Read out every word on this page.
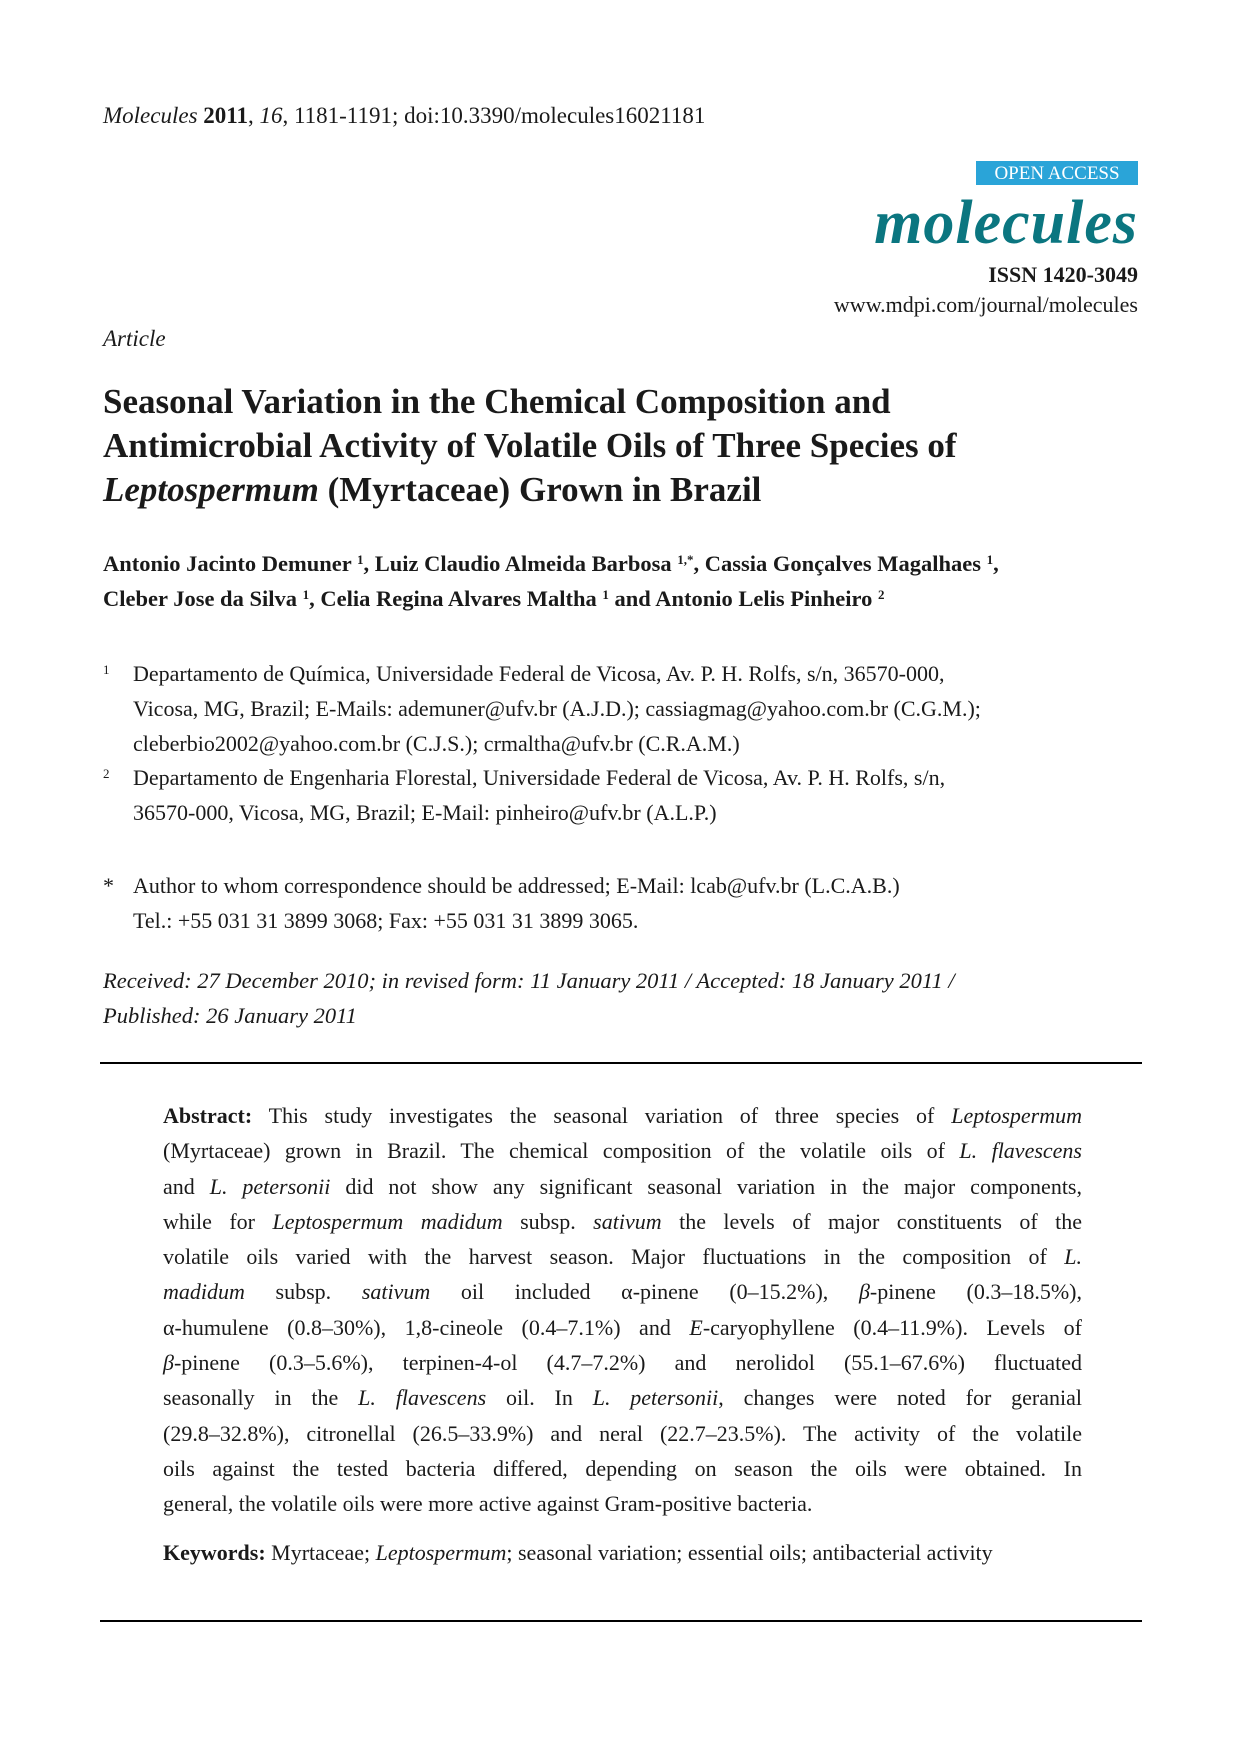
Molecules 2011, 16, 1181-1191; doi:10.3390/molecules16021181
OPEN ACCESS
molecules
ISSN 1420-3049
www.mdpi.com/journal/molecules
Article
Seasonal Variation in the Chemical Composition and
Antimicrobial Activity of Volatile Oils of Three Species of
Leptospermum (Myrtaceae) Grown in Brazil
Antonio Jacinto Demuner $^1$, Luiz Claudio Almeida Barbosa $^{1,*}$, Cassia Gonçalves Magalhaes $^1$,
Cleber Jose da Silva $^1$, Celia Regina Alvares Maltha $^1$ and Antonio Lelis Pinheiro $^2$
1 Departamento de Química, Universidade Federal de Vicosa, Av. P. H. Rolfs, s/n, 36570-000,
Vicosa, MG, Brazil; E-Mails: ademuner@ufv.br (A.J.D.); cassiagmag@yahoo.com.br (C.G.M.);
cleberbio2002@yahoo.com.br (C.J.S.); crmaltha@ufv.br (C.R.A.M.)
2 Departamento de Engenharia Florestal, Universidade Federal de Vicosa, Av. P. H. Rolfs, s/n,
36570-000, Vicosa, MG, Brazil; E-Mail: pinheiro@ufv.br (A.L.P.)
* Author to whom correspondence should be addressed; E-Mail: lcab@ufv.br (L.C.A.B.)
Tel.: +55 031 31 3899 3068; Fax: +55 031 31 3899 3065.
Received: 27 December 2010; in revised form: 11 January 2011 / Accepted: 18 January 2011 /
Published: 26 January 2011
Abstract: This study investigates the seasonal variation of three species of Leptospermum
(Myrtaceae) grown in Brazil. The chemical composition of the volatile oils of L. flavescens
and L. petersonii did not show any significant seasonal variation in the major components,
while for Leptospermum madidum subsp. sativum the levels of major constituents of the
volatile oils varied with the harvest season. Major fluctuations in the composition of L.
madidum subsp. sativum oil included α-pinene (0–15.2%), β-pinene (0.3–18.5%),
α-humulene (0.8–30%), 1,8-cineole (0.4–7.1%) and E-caryophyllene (0.4–11.9%). Levels of
β-pinene (0.3–5.6%), terpinen-4-ol (4.7–7.2%) and nerolidol (55.1–67.6%) fluctuated
seasonally in the L. flavescens oil. In L. petersonii, changes were noted for geranial
(29.8–32.8%), citronellal (26.5–33.9%) and neral (22.7–23.5%). The activity of the volatile
oils against the tested bacteria differed, depending on season the oils were obtained. In
general, the volatile oils were more active against Gram-positive bacteria.
Keywords: Myrtaceae; Leptospermum; seasonal variation; essential oils; antibacterial activity
